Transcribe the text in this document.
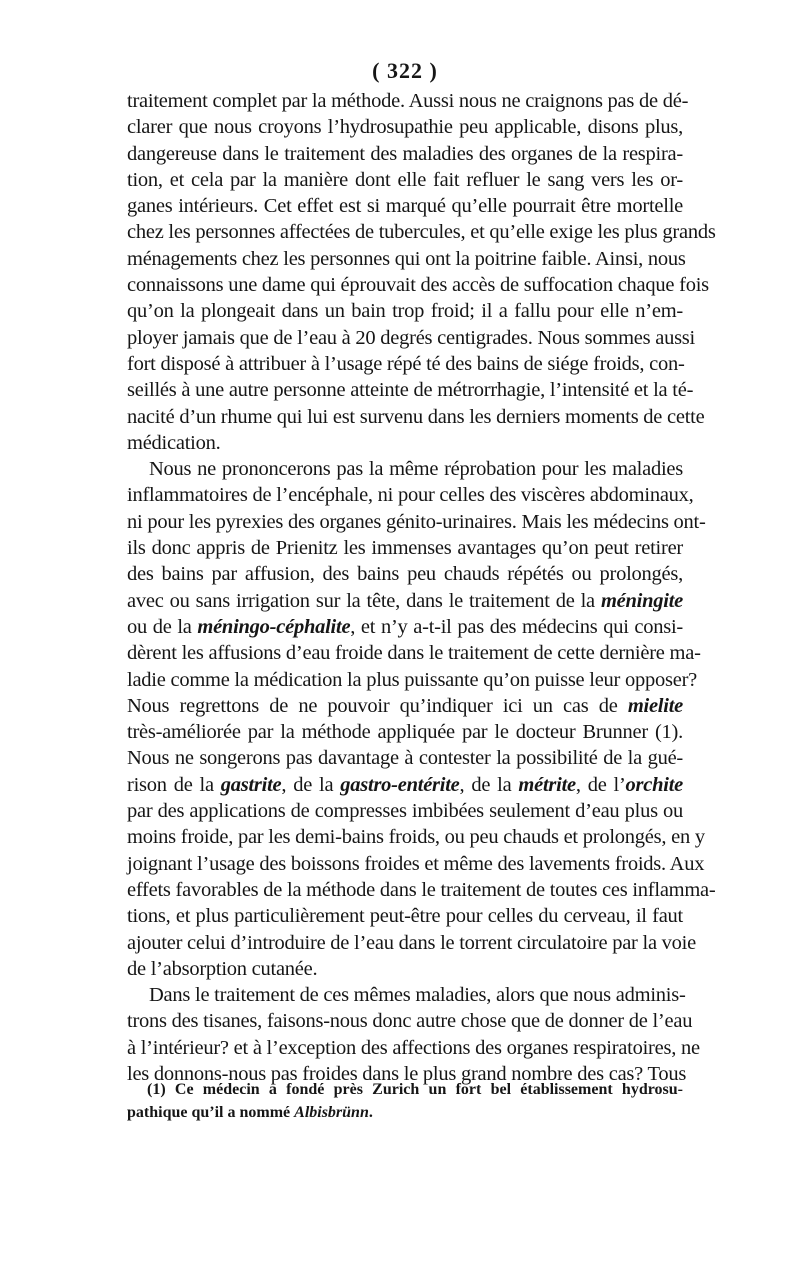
( 322 )
traitement complet par la méthode. Aussi nous ne craignons pas de dé-
clarer que nous croyons l’hydrosupathie peu applicable, disons plus,
dangereuse dans le traitement des maladies des organes de la respira-
tion, et cela par la manière dont elle fait refluer le sang vers les or-
ganes intérieurs. Cet effet est si marqué qu’elle pourrait être mortelle
chez les personnes affectées de tubercules, et qu’elle exige les plus grands
ménagements chez les personnes qui ont la poitrine faible. Ainsi, nous
connaissons une dame qui éprouvait des accès de suffocation chaque fois
qu’on la plongeait dans un bain trop froid; il a fallu pour elle n’em-
ployer jamais que de l’eau à 20 degrés centigrades. Nous sommes aussi
fort disposé à attribuer à l’usage répé té des bains de siége froids, con-
seillés à une autre personne atteinte de métrorrhagie, l’intensité et la té-
nacité d’un rhume qui lui est survenu dans les derniers moments de cette
médication.
Nous ne prononcerons pas la même réprobation pour les maladies
inflammatoires de l’encéphale, ni pour celles des viscères abdominaux,
ni pour les pyrexies des organes génito-urinaires. Mais les médecins ont-
ils donc appris de Prienitz les immenses avantages qu’on peut retirer
des bains par affusion, des bains peu chauds répétés ou prolongés,
avec ou sans irrigation sur la tête, dans le traitement de la méningite
ou de la méningo-céphalite, et n’y a-t-il pas des médecins qui consi-
dèrent les affusions d’eau froide dans le traitement de cette dernière ma-
ladie comme la médication la plus puissante qu’on puisse leur opposer?
Nous regrettons de ne pouvoir qu’indiquer ici un cas de mielite
très-améliorée par la méthode appliquée par le docteur Brunner (1).
Nous ne songerons pas davantage à contester la possibilité de la gué-
rison de la gastrite, de la gastro-entérite, de la métrite, de l’orchite
par des applications de compresses imbibées seulement d’eau plus ou
moins froide, par les demi-bains froids, ou peu chauds et prolongés, en y
joignant l’usage des boissons froides et même des lavements froids. Aux
effets favorables de la méthode dans le traitement de toutes ces inflamma-
tions, et plus particulièrement peut-être pour celles du cerveau, il faut
ajouter celui d’introduire de l’eau dans le torrent circulatoire par la voie
de l’absorption cutanée.
Dans le traitement de ces mêmes maladies, alors que nous adminis-
trons des tisanes, faisons-nous donc autre chose que de donner de l’eau
à l’intérieur? et à l’exception des affections des organes respiratoires, ne
les donnons-nous pas froides dans le plus grand nombre des cas? Tous
(1) Ce médecin a fondé près Zurich un fort bel établissement hydrosu-
pathique qu’il a nommé Albisbrünn.
